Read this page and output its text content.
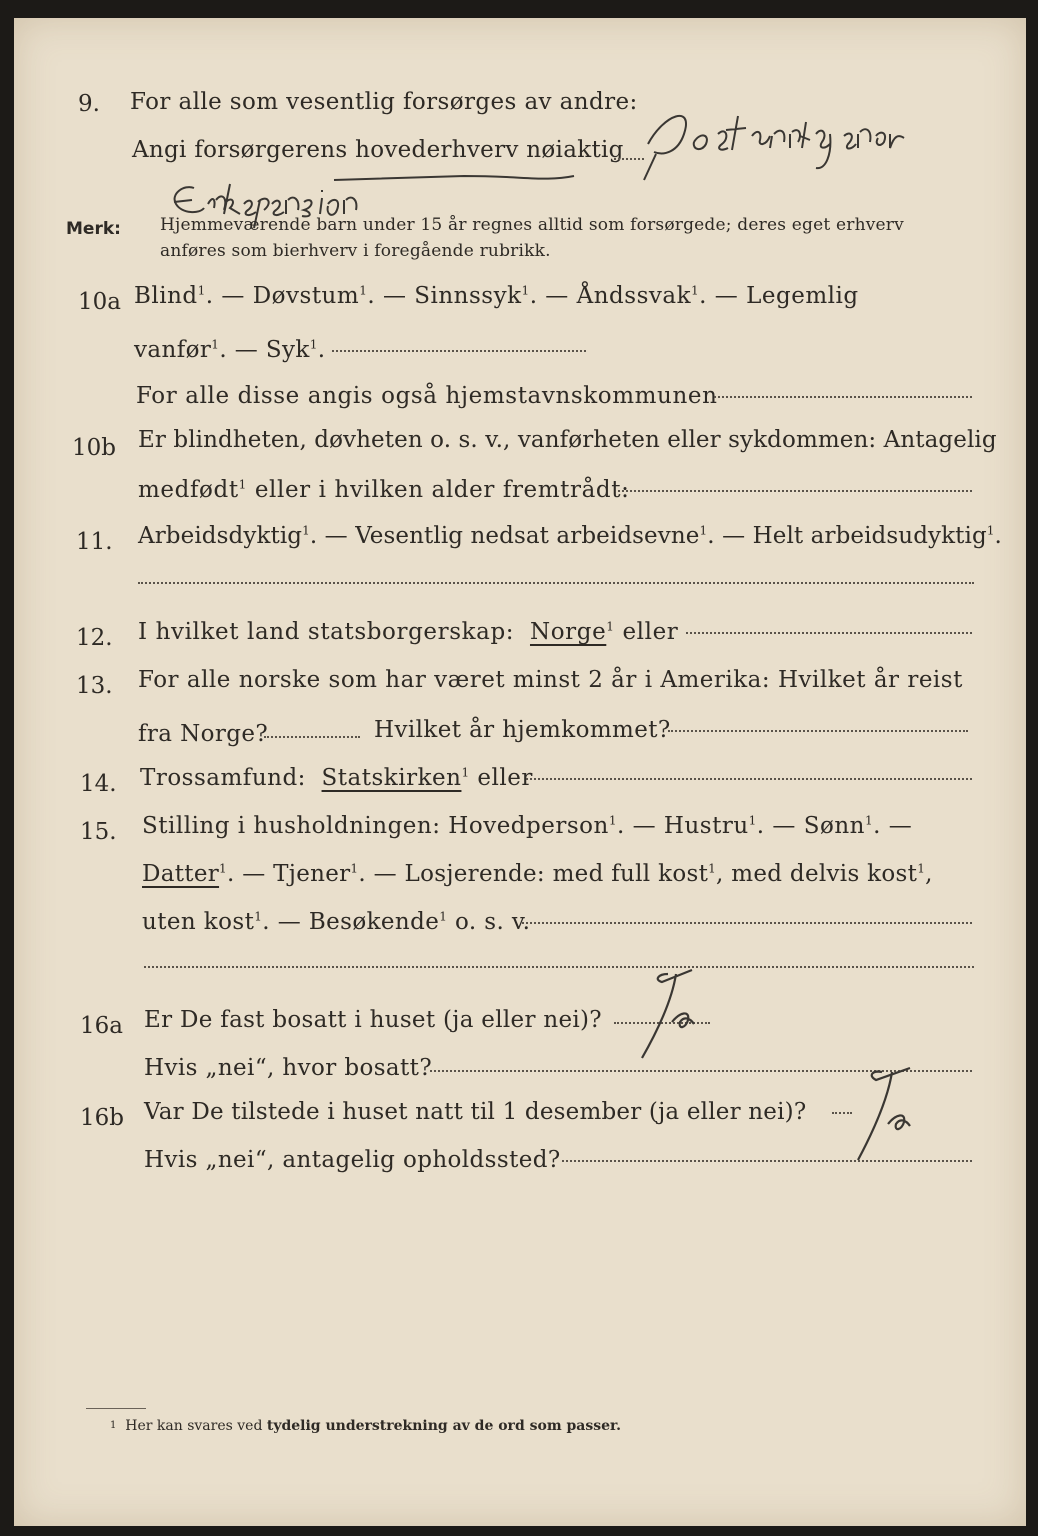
9. For alle som vesentlig forsørges av andre:
Angi forsørgerens hovederhverv nøiaktig
Merk: Hjemmeværende barn under 15 år regnes alltid som forsørgede; deres eget erhverv
anføres som bierhverv i foregående rubrikk.
10a Blind$^1$. — Døvstum$^1$. — Sinnssyk$^1$. — Åndssvak$^1$. — Legemlig
vanfør$^1$. — Syk$^1$.
For alle disse angis også hjemstavnskommunen
10b Er blindheten, døvheten o. s. v., vanførheten eller sykdommen: Antagelig
medfødt$^1$ eller i hvilken alder fremtrådt:
11. Arbeidsdyktig$^1$. — Vesentlig nedsat arbeidsevne$^1$. — Helt arbeidsudyktig$^1$.
12. I hvilket land statsborgerskap: Norge$^1$ eller
13. For alle norske som har været minst 2 år i Amerika: Hvilket år reist
fra Norge?	Hvilket år hjemkommet?
14. Trossamfund: Statskirken$^1$ eller
15. Stilling i husholdningen: Hovedperson$^1$. — Hustru$^1$. — Sønn$^1$. —
Datter$^1$. — Tjener$^1$. — Losjerende: med full kost$^1$, med delvis kost$^1$,
uten kost$^1$. — Besøkende$^1$ o. s. v.
16a Er De fast bosatt i huset (ja eller nei)?
Hvis „nei“, hvor bosatt?
16b Var De tilstede i huset natt til 1 desember (ja eller nei)?
Hvis „nei“, antagelig opholdssted?
$^1$ Her kan svares ved tydelig understrekning av de ord som passer.
